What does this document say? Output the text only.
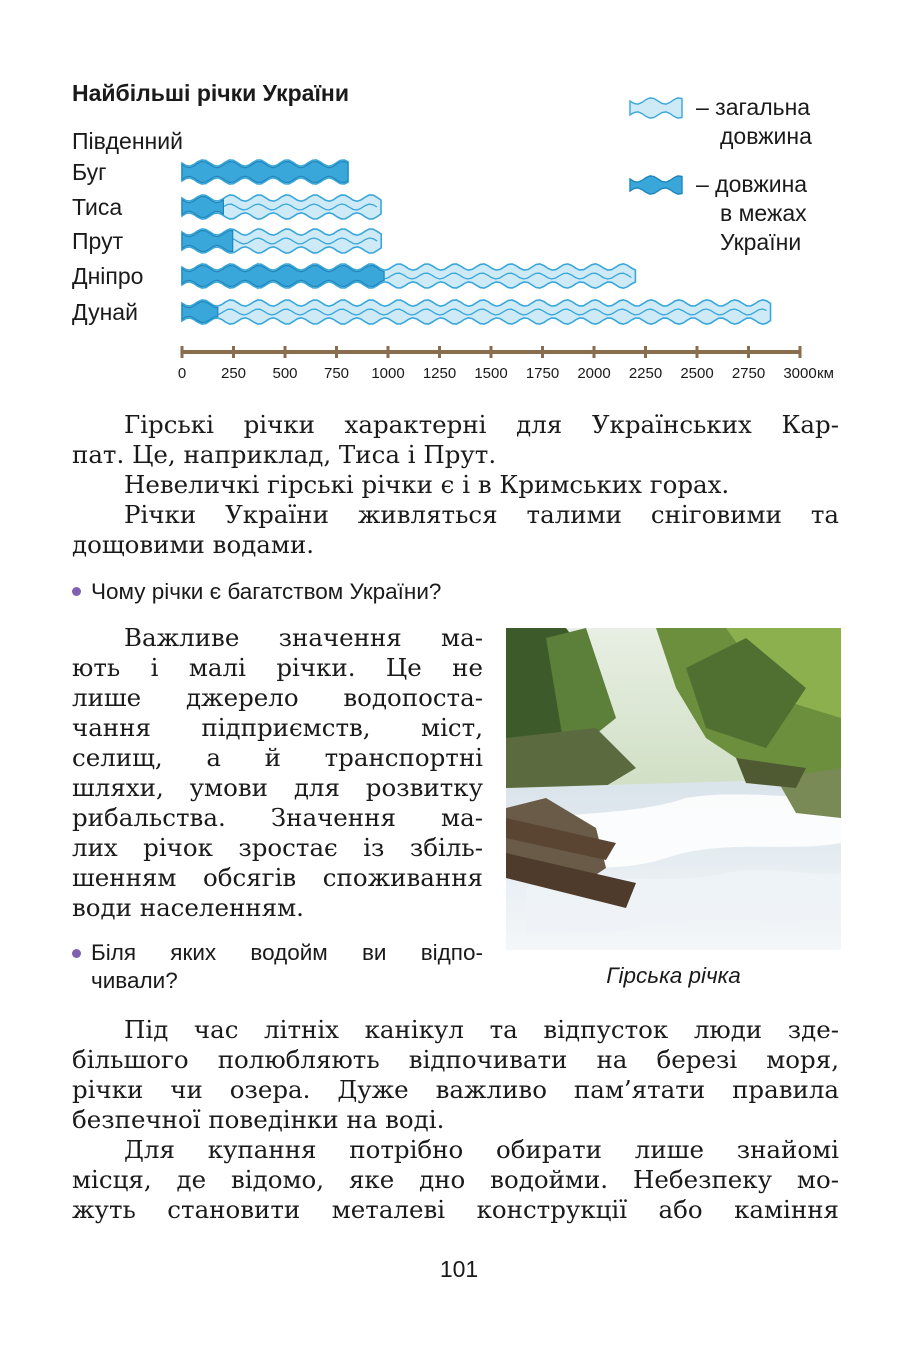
Найбільші річки України
Південний
Буг
Тиса
Прут
Дніпро
Дунай
0 250 500 750 1000 1250 1500 1750 2000 2250 2500 2750 3000 км
– загальна
довжина
– довжина
в межах
України

Гірські річки характерні для Українських Кар-
пат. Це, наприклад, Тиса і Прут.
Невеличкі гірські річки є і в Кримських горах.
Річки України живляться талими сніговими та
дощовими водами.

Чому річки є багатством України?

Важливе значення ма-
ють і малі річки. Це не
лише джерело водопоста-
чання підприємств, міст,
селищ, а й транспортні
шляхи, умови для розвитку
рибальства. Значення ма-
лих річок зростає із збіль-
шенням обсягів споживання
води населенням.

Біля яких водойм ви відпо-
чивали?	Гірська річка

Під час літніх канікул та відпусток люди зде-
більшого полюбляють відпочивати на березі моря,
річки чи озера. Дуже важливо пам’ятати правила
безпечної поведінки на воді.
Для купання потрібно обирати лише знайомі
місця, де відомо, яке дно водойми. Небезпеку мо-
жуть становити металеві конструкції або каміння

101
